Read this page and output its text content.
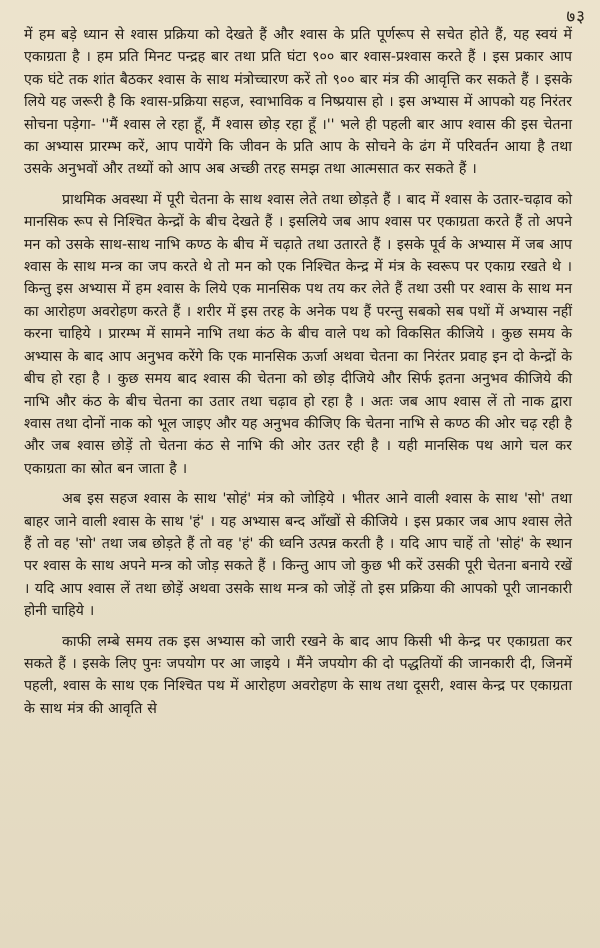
७३

में हम बड़े ध्यान से श्वास प्रक्रिया को देखते हैं और श्वास के प्रति पूर्णरूप से सचेत होते हैं, यह स्वयं में एकाग्रता है । हम प्रति मिनट पन्द्रह बार तथा प्रति घंटा ९०० बार श्वास-प्रश्वास करते हैं । इस प्रकार आप एक घंटे तक शांत बैठकर श्वास के साथ मंत्रोच्चारण करें तो ९०० बार मंत्र की आवृत्ति कर सकते हैं । इसके लिये यह जरूरी है कि श्वास-प्रक्रिया सहज, स्वाभाविक व निष्प्रयास हो । इस अभ्यास में आपको यह निरंतर सोचना पड़ेगा- ''मैं श्वास ले रहा हूँ, मैं श्वास छोड़ रहा हूँ ।'' भले ही पहली बार आप श्वास की इस चेतना का अभ्यास प्रारम्भ करें, आप पायेंगे कि जीवन के प्रति आप के सोचने के ढंग में परिवर्तन आया है तथा उसके अनुभवों और तथ्यों को आप अब अच्छी तरह समझ तथा आत्मसात कर सकते हैं ।

प्राथमिक अवस्था में पूरी चेतना के साथ श्वास लेते तथा छोड़ते हैं । बाद में श्वास के उतार-चढ़ाव को मानसिक रूप से निश्चित केन्द्रों के बीच देखते हैं । इसलिये जब आप श्वास पर एकाग्रता करते हैं तो अपने मन को उसके साथ-साथ नाभि कण्ठ के बीच में चढ़ाते तथा उतारते हैं । इसके पूर्व के अभ्यास में जब आप श्वास के साथ मन्त्र का जप करते थे तो मन को एक निश्चित केन्द्र में मंत्र के स्वरूप पर एकाग्र रखते थे । किन्तु इस अभ्यास में हम श्वास के लिये एक मानसिक पथ तय कर लेते हैं तथा उसी पर श्वास के साथ मन का आरोहण अवरोहण करते हैं । शरीर में इस तरह के अनेक पथ हैं परन्तु सबको सब पथों में अभ्यास नहीं करना चाहिये । प्रारम्भ में सामने नाभि तथा कंठ के बीच वाले पथ को विकसित कीजिये । कुछ समय के अभ्यास के बाद आप अनुभव करेंगे कि एक मानसिक ऊर्जा अथवा चेतना का निरंतर प्रवाह इन दो केन्द्रों के बीच हो रहा है । कुछ समय बाद श्वास की चेतना को छोड़ दीजिये और सिर्फ इतना अनुभव कीजिये की नाभि और कंठ के बीच चेतना का उतार तथा चढ़ाव हो रहा है । अतः जब आप श्वास लें तो नाक द्वारा श्वास तथा दोनों नाक को भूल जाइए और यह अनुभव कीजिए कि चेतना नाभि से कण्ठ की ओर चढ़ रही है और जब श्वास छोड़ें तो चेतना कंठ से नाभि की ओर उतर रही है । यही मानसिक पथ आगे चल कर एकाग्रता का स्रोत बन जाता है ।

अब इस सहज श्वास के साथ 'सोहं' मंत्र को जोड़िये । भीतर आने वाली श्वास के साथ 'सो' तथा बाहर जाने वाली श्वास के साथ 'हं' । यह अभ्यास बन्द आँखों से कीजिये । इस प्रकार जब आप श्वास लेते हैं तो वह 'सो' तथा जब छोड़ते हैं तो वह 'हं' की ध्वनि उत्पन्न करती है । यदि आप चाहें तो 'सोहं' के स्थान पर श्वास के साथ अपने मन्त्र को जोड़ सकते हैं । किन्तु आप जो कुछ भी करें उसकी पूरी चेतना बनाये रखें । यदि आप श्वास लें तथा छोड़ें अथवा उसके साथ मन्त्र को जोड़ें तो इस प्रक्रिया की आपको पूरी जानकारी होनी चाहिये ।

काफी लम्बे समय तक इस अभ्यास को जारी रखने के बाद आप किसी भी केन्द्र पर एकाग्रता कर सकते हैं । इसके लिए पुनः जपयोग पर आ जाइये । मैंने जपयोग की दो पद्धतियों की जानकारी दी, जिनमें पहली, श्वास के साथ एक निश्चित पथ में आरोहण अवरोहण के साथ तथा दूसरी, श्वास केन्द्र पर एकाग्रता के साथ मंत्र की आवृति से
